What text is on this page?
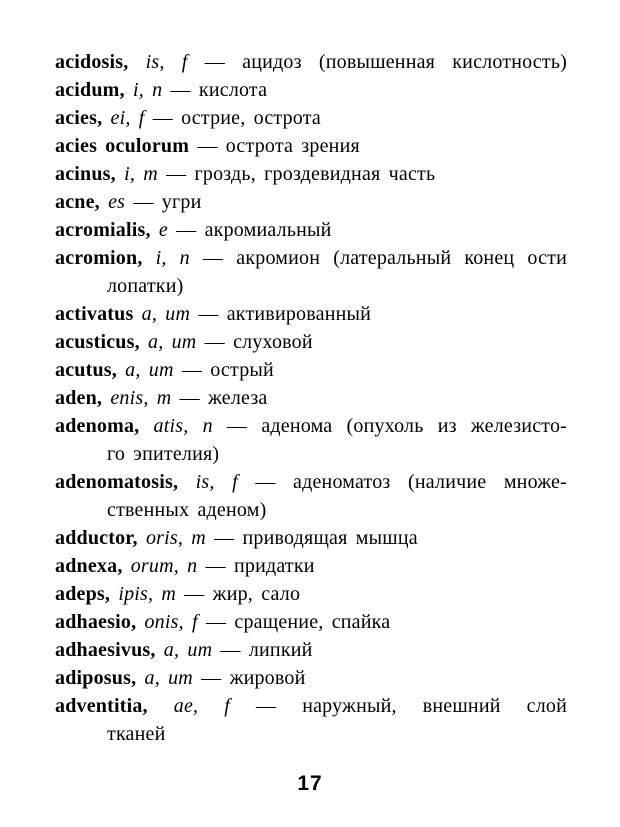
acidosis, is, f — ацидоз (повышенная кислотность)
acidum, i, n — кислота
acies, ei, f — острие, острота
acies oculorum — острота зрения
acinus, i, m — гроздь, гроздевидная часть
acne, es — угри
acromialis, e — акромиальный
acromion, i, n — акромион (латеральный конец ости
лопатки)
activatus a, um — активированный
acusticus, a, um — слуховой
acutus, a, um — острый
aden, enis, m — железа
adenoma, atis, n — аденома (опухоль из железисто-
го эпителия)
adenomatosis, is, f — аденоматоз (наличие множе-
ственных аденом)
adductor, oris, m — приводящая мышца
adnexa, orum, n — придатки
adeps, ipis, m — жир, сало
adhaesio, onis, f — сращение, спайка
adhaesivus, a, um — липкий
adiposus, a, um — жировой
adventitia, ae, f — наружный, внешний слой
тканей
17
